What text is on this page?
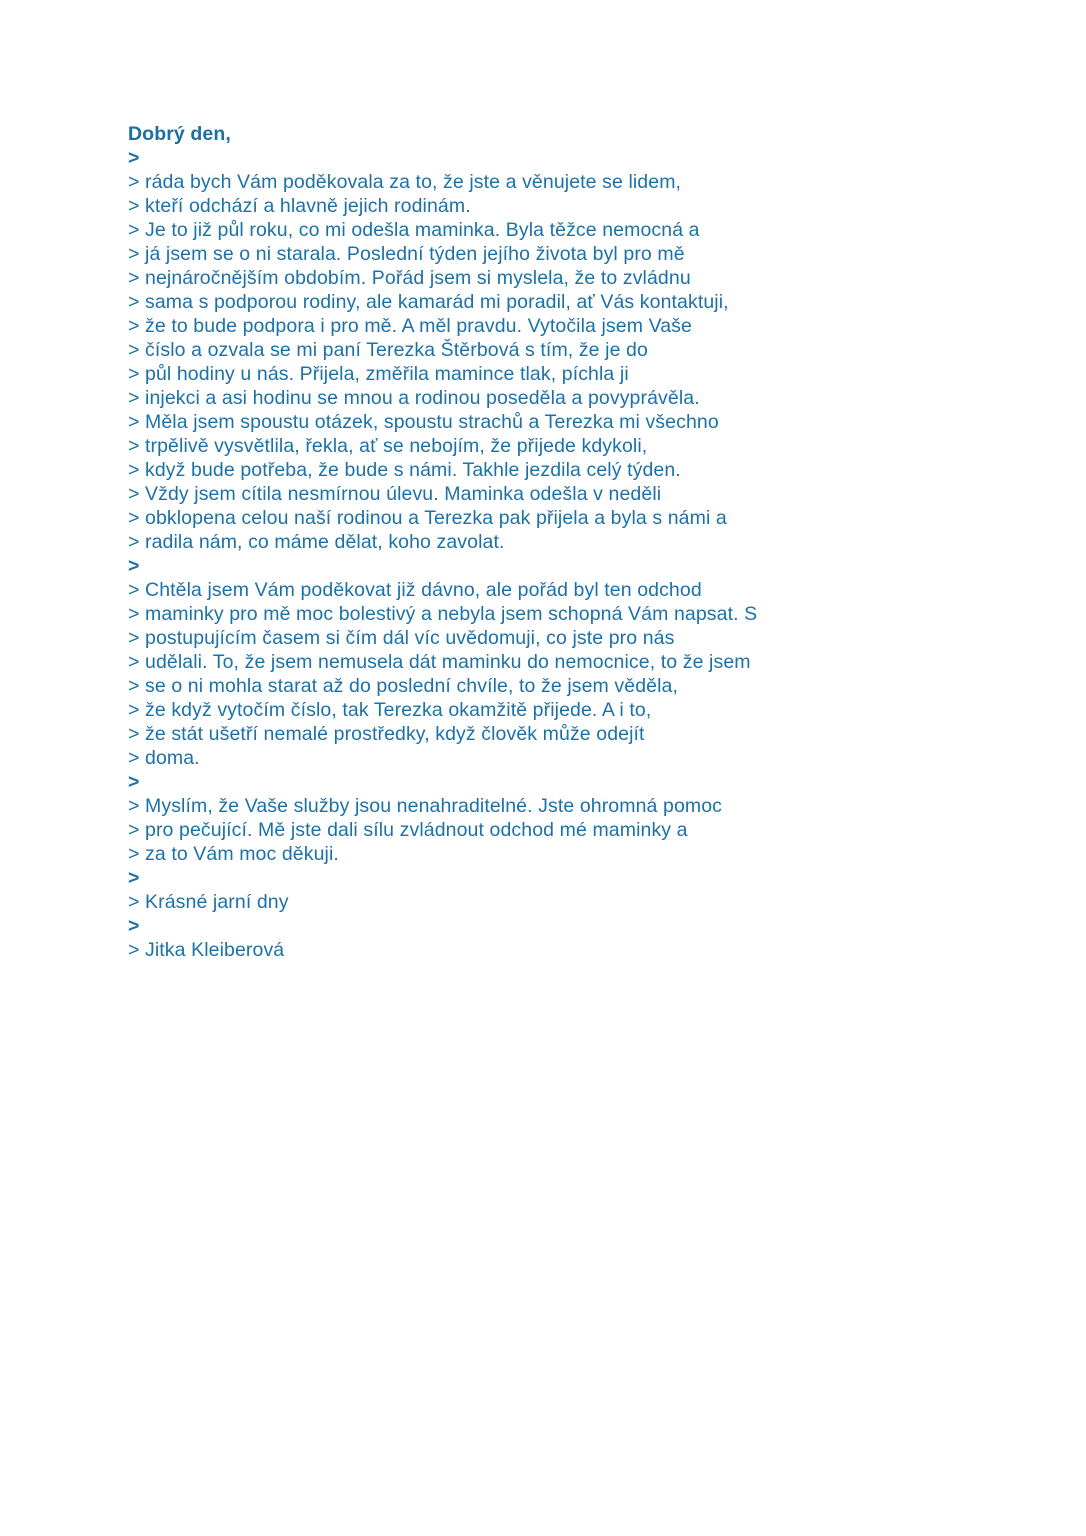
Dobrý den,
>
> ráda bych Vám poděkovala za to, že jste a věnujete se lidem,
> kteří odchází a hlavně jejich rodinám.
> Je to již půl roku, co mi odešla maminka. Byla těžce nemocná a
> já jsem se o ni starala. Poslední týden jejího života byl pro mě
> nejnáročnějším obdobím. Pořád jsem si myslela, že to zvládnu
> sama s podporou rodiny, ale kamarád mi poradil, ať Vás kontaktuji,
> že to bude podpora i pro mě. A měl pravdu. Vytočila jsem Vaše
> číslo a ozvala se mi paní Terezka Štěrbová s tím, že je do
> půl hodiny u nás. Přijela, změřila mamince tlak, píchla ji
> injekci a asi hodinu se mnou a rodinou poseděla a povyprávěla.
> Měla jsem spoustu otázek, spoustu strachů a Terezka mi všechno
> trpělivě vysvětlila, řekla, ať se nebojím, že přijede kdykoli,
> když bude potřeba, že bude s námi. Takhle jezdila celý týden.
> Vždy jsem cítila nesmírnou úlevu. Maminka odešla v neděli
> obklopena celou naší rodinou a Terezka pak přijela a byla s námi a
> radila nám, co máme dělat, koho zavolat.
>
> Chtěla jsem Vám poděkovat již dávno, ale pořád byl ten odchod
> maminky pro mě moc bolestivý a nebyla jsem schopná Vám napsat. S
> postupujícím časem si čím dál víc uvědomuji, co jste pro nás
> udělali. To, že jsem nemusela dát maminku do nemocnice, to že jsem
> se o ni mohla starat až do poslední chvíle, to že jsem věděla,
> že když vytočím číslo, tak Terezka okamžitě přijede. A i to,
> že stát ušetří nemalé prostředky, když člověk může odejít
> doma.
>
> Myslím, že Vaše služby jsou nenahraditelné. Jste ohromná pomoc
> pro pečující. Mě jste dali sílu zvládnout odchod mé maminky a
> za to Vám moc děkuji.
>
> Krásné jarní dny
>
> Jitka Kleiberová
